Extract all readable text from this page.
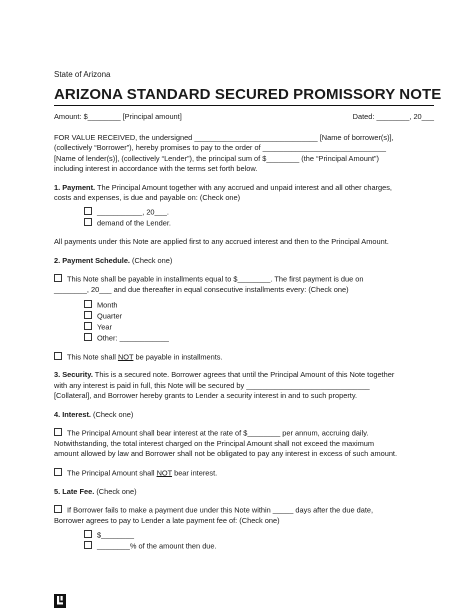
State of Arizona
ARIZONA STANDARD SECURED PROMISSORY NOTE
Amount: $________ [Principal amount]	Dated: ________, 20___
FOR VALUE RECEIVED, the undersigned ______________________________ [Name of borrower(s)],
(collectively “Borrower”), hereby promises to pay to the order of ______________________________
[Name of lender(s)], (collectively “Lender”), the principal sum of $________ (the “Principal Amount”)
including interest in accordance with the terms set forth below.
1. Payment. The Principal Amount together with any accrued and unpaid interest and all other charges,
costs and expenses, is due and payable on: (Check one)
___________, 20___.
demand of the Lender.
All payments under this Note are applied first to any accrued interest and then to the Principal Amount.
2. Payment Schedule. (Check one)
This Note shall be payable in installments equal to $________. The first payment is due on
________, 20___ and due thereafter in equal consecutive installments every: (Check one)
Month
Quarter
Year
Other: ____________
This Note shall NOT be payable in installments.
3. Security. This is a secured note. Borrower agrees that until the Principal Amount of this Note together
with any interest is paid in full, this Note will be secured by ______________________________
[Collateral], and Borrower hereby grants to Lender a security interest in and to such property.
4. Interest. (Check one)
The Principal Amount shall bear interest at the rate of $________ per annum, accruing daily.
Notwithstanding, the total interest charged on the Principal Amount shall not exceed the maximum
amount allowed by law and Borrower shall not be obligated to pay any interest in excess of such amount.
The Principal Amount shall NOT bear interest.
5. Late Fee. (Check one)
If Borrower fails to make a payment due under this Note within _____ days after the due date,
Borrower agrees to pay to Lender a late payment fee of: (Check one)
$________
________% of the amount then due.
